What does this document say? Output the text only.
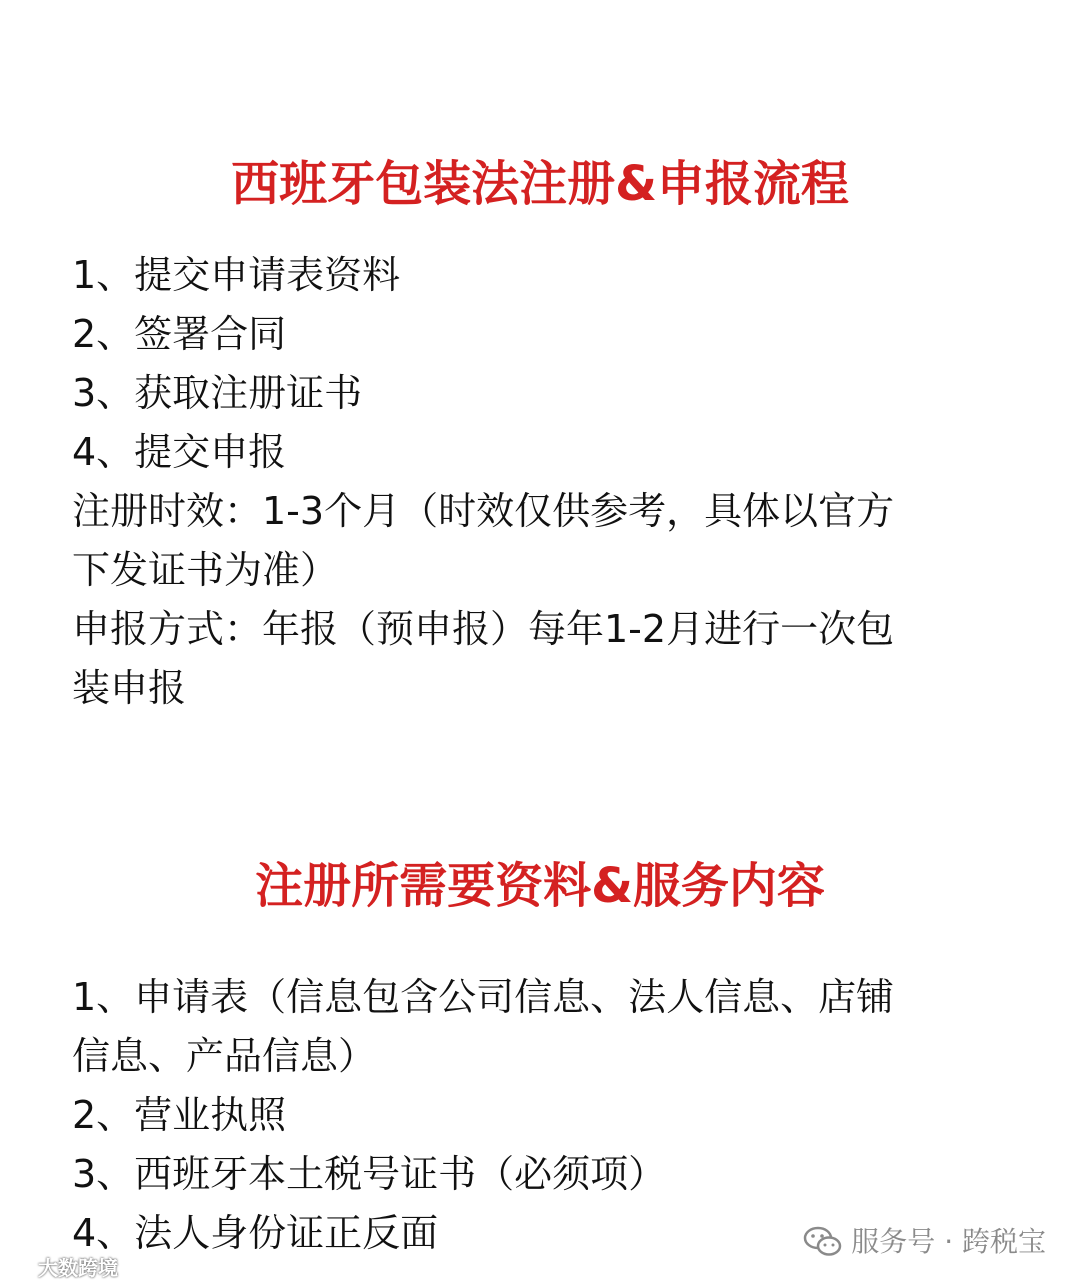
西班牙包装法注册&申报流程
1、提交申请表资料
2、签署合同
3、获取注册证书
4、提交申报
注册时效：1-3个月（时效仅供参考，具体以官方
下发证书为准）
申报方式：年报（预申报）每年1-2月进行一次包
装申报
注册所需要资料&服务内容
1、申请表（信息包含公司信息、法人信息、店铺
信息、产品信息）
2、营业执照
3、西班牙本土税号证书（必须项）
4、法人身份证正反面
大数跨境
服务号 · 跨税宝
